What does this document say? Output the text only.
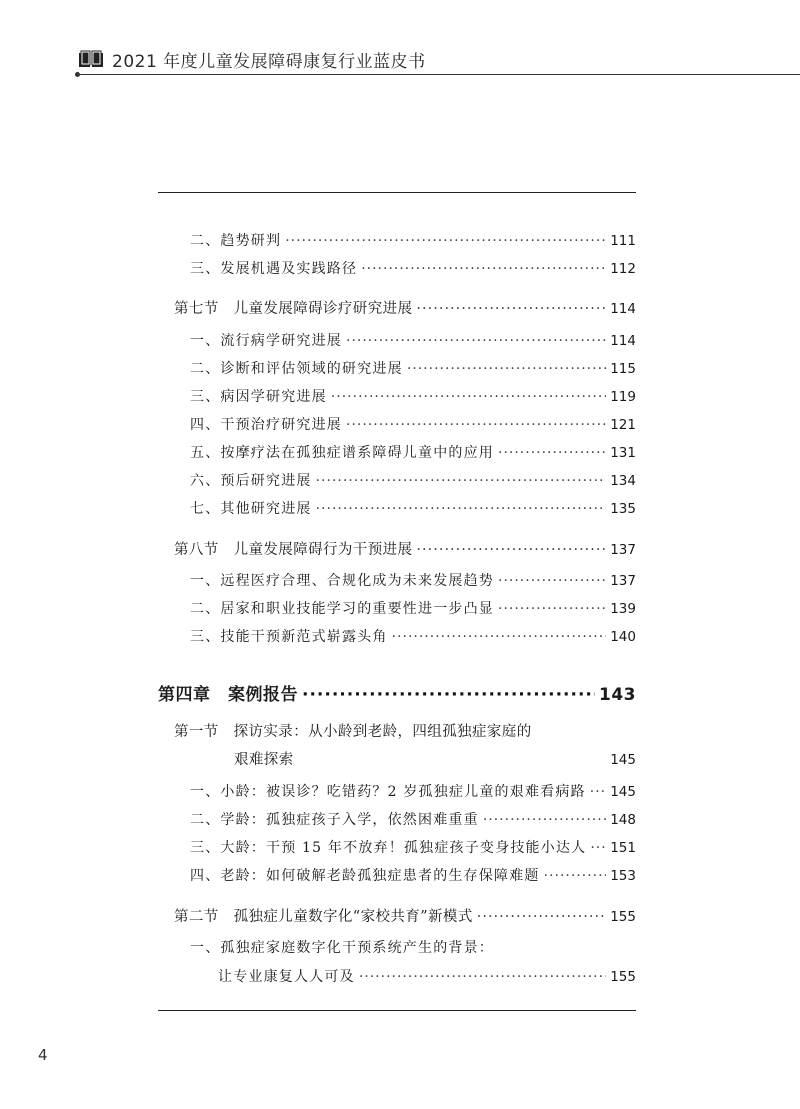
2021 年度儿童发展障碍康复行业蓝皮书
二、趋势研判 ·····	111
三、发展机遇及实践路径 ·····	112
第七节　儿童发展障碍诊疗研究进展 ·····	114
一、流行病学研究进展 ·····	114
二、诊断和评估领域的研究进展 ·····	115
三、病因学研究进展 ·····	119
四、干预治疗研究进展 ·····	121
五、按摩疗法在孤独症谱系障碍儿童中的应用 ·····	131
六、预后研究进展 ·····	134
七、其他研究进展 ·····	135
第八节　儿童发展障碍行为干预进展 ·····	137
一、远程医疗合理、合规化成为未来发展趋势 ·····	137
二、居家和职业技能学习的重要性进一步凸显 ·····	139
三、技能干预新范式崭露头角 ·····	140
第四章　案例报告 ·····	143
第一节　探访实录：从小龄到老龄，四组孤独症家庭的
艰难探索	145
一、小龄：被误诊？吃错药？2 岁孤独症儿童的艰难看病路 ····· 145
二、学龄：孤独症孩子入学，依然困难重重 ·····	148
三、大龄：干预 15 年不放弃！孤独症孩子变身技能小达人 ····· 151
四、老龄：如何破解老龄孤独症患者的生存保障难题 ·····	153
第二节　孤独症儿童数字化“家校共育”新模式 ·····	155
一、孤独症家庭数字化干预系统产生的背景：
让专业康复人人可及 ·····	155
4
